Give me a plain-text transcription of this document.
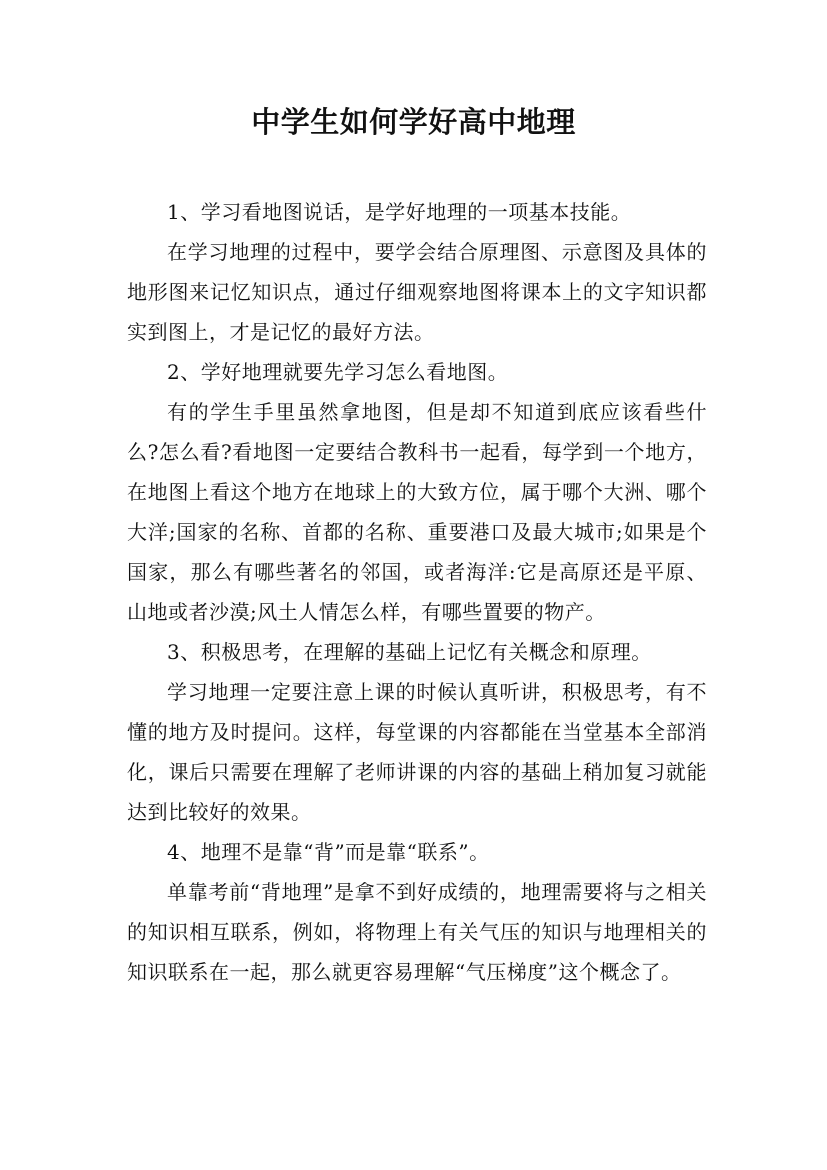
中学生如何学好高中地理

1、学习看地图说话，是学好地理的一项基本技能。

在学习地理的过程中，要学会结合原理图、示意图及具体的地形图来记忆知识点，通过仔细观察地图将课本上的文字知识都实到图上，才是记忆的最好方法。

2、学好地理就要先学习怎么看地图。

有的学生手里虽然拿地图，但是却不知道到底应该看些什么?怎么看?看地图一定要结合教科书一起看，每学到一个地方，在地图上看这个地方在地球上的大致方位，属于哪个大洲、哪个大洋;国家的名称、首都的名称、重要港口及最大城市;如果是个国家，那么有哪些著名的邻国，或者海洋:它是高原还是平原、山地或者沙漠;风土人情怎么样，有哪些置要的物产。

3、积极思考，在理解的基础上记忆有关概念和原理。

学习地理一定要注意上课的时候认真听讲，积极思考，有不懂的地方及时提问。这样，每堂课的内容都能在当堂基本全部消化，课后只需要在理解了老师讲课的内容的基础上稍加复习就能达到比较好的效果。

4、地理不是靠“背”而是靠“联系”。

单靠考前“背地理”是拿不到好成绩的，地理需要将与之相关的知识相互联系，例如，将物理上有关气压的知识与地理相关的知识联系在一起，那么就更容易理解“气压梯度”这个概念了。
